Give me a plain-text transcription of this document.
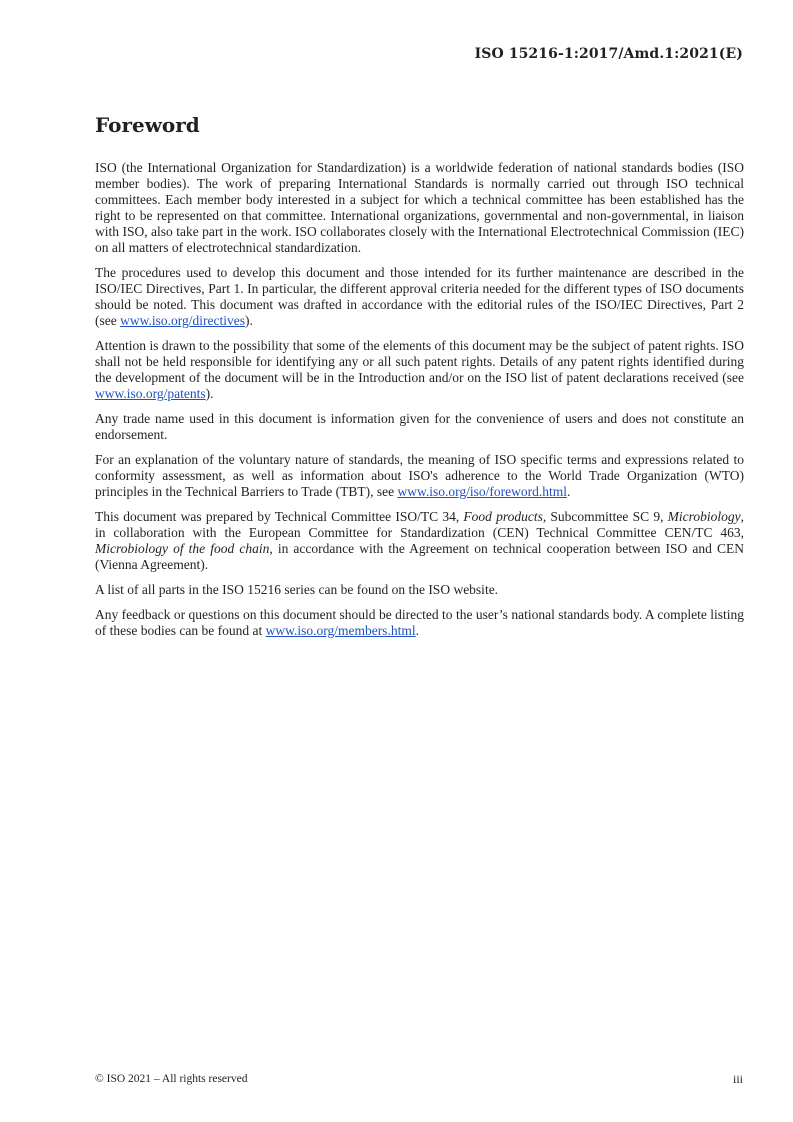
ISO 15216-1:2017/Amd.1:2021(E)
Foreword

ISO (the International Organization for Standardization) is a worldwide federation of national standards bodies (ISO member bodies). The work of preparing International Standards is normally carried out through ISO technical committees. Each member body interested in a subject for which a technical committee has been established has the right to be represented on that committee. International organizations, governmental and non-governmental, in liaison with ISO, also take part in the work. ISO collaborates closely with the International Electrotechnical Commission (IEC) on all matters of electrotechnical standardization.

The procedures used to develop this document and those intended for its further maintenance are described in the ISO/IEC Directives, Part 1. In particular, the different approval criteria needed for the different types of ISO documents should be noted. This document was drafted in accordance with the editorial rules of the ISO/IEC Directives, Part 2 (see www.iso.org/directives).

Attention is drawn to the possibility that some of the elements of this document may be the subject of patent rights. ISO shall not be held responsible for identifying any or all such patent rights. Details of any patent rights identified during the development of the document will be in the Introduction and/or on the ISO list of patent declarations received (see www.iso.org/patents).

Any trade name used in this document is information given for the convenience of users and does not constitute an endorsement.

For an explanation of the voluntary nature of standards, the meaning of ISO specific terms and expressions related to conformity assessment, as well as information about ISO's adherence to the World Trade Organization (WTO) principles in the Technical Barriers to Trade (TBT), see www.iso.org/iso/foreword.html.

This document was prepared by Technical Committee ISO/TC 34, Food products, Subcommittee SC 9, Microbiology, in collaboration with the European Committee for Standardization (CEN) Technical Committee CEN/TC 463, Microbiology of the food chain, in accordance with the Agreement on technical cooperation between ISO and CEN (Vienna Agreement).

A list of all parts in the ISO 15216 series can be found on the ISO website.

Any feedback or questions on this document should be directed to the user’s national standards body. A complete listing of these bodies can be found at www.iso.org/members.html.

© ISO 2021 – All rights reserved	iii
